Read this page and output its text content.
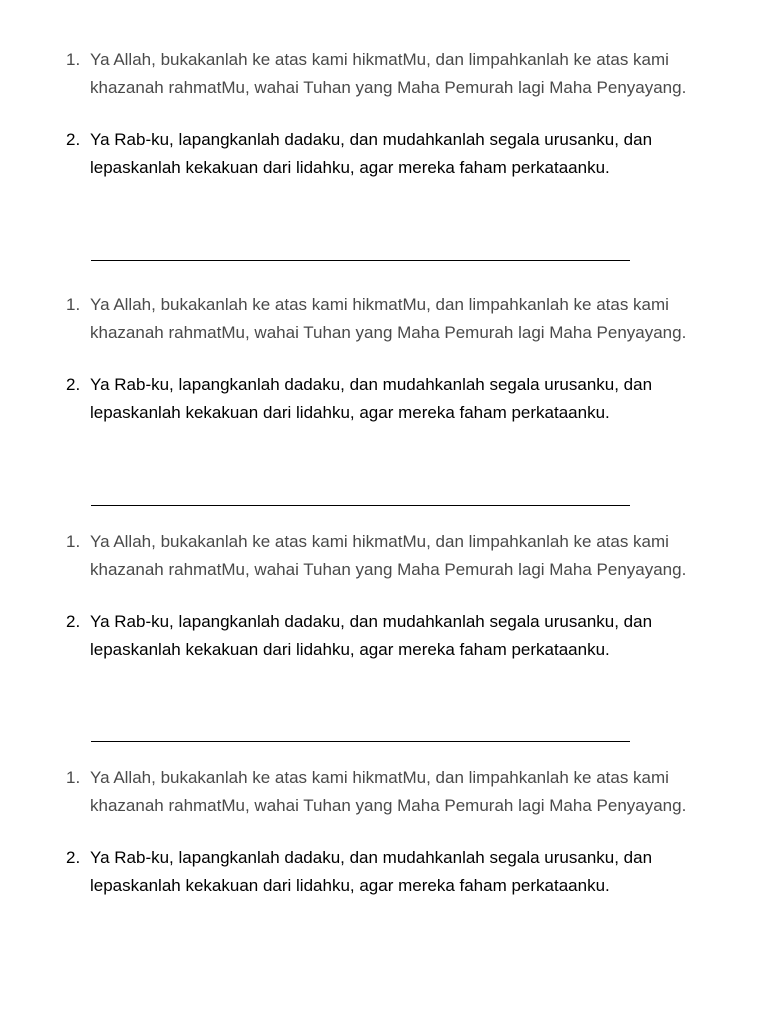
1. Ya Allah, bukakanlah ke atas kami hikmatMu, dan limpahkanlah ke atas kami khazanah rahmatMu, wahai Tuhan yang Maha Pemurah lagi Maha Penyayang.
2. Ya Rab-ku, lapangkanlah dadaku, dan mudahkanlah segala urusanku, dan lepaskanlah kekakuan dari lidahku, agar mereka faham perkataanku.
1. Ya Allah, bukakanlah ke atas kami hikmatMu, dan limpahkanlah ke atas kami khazanah rahmatMu, wahai Tuhan yang Maha Pemurah lagi Maha Penyayang.
2. Ya Rab-ku, lapangkanlah dadaku, dan mudahkanlah segala urusanku, dan lepaskanlah kekakuan dari lidahku, agar mereka faham perkataanku.
1. Ya Allah, bukakanlah ke atas kami hikmatMu, dan limpahkanlah ke atas kami khazanah rahmatMu, wahai Tuhan yang Maha Pemurah lagi Maha Penyayang.
2. Ya Rab-ku, lapangkanlah dadaku, dan mudahkanlah segala urusanku, dan lepaskanlah kekakuan dari lidahku, agar mereka faham perkataanku.
1. Ya Allah, bukakanlah ke atas kami hikmatMu, dan limpahkanlah ke atas kami khazanah rahmatMu, wahai Tuhan yang Maha Pemurah lagi Maha Penyayang.
2. Ya Rab-ku, lapangkanlah dadaku, dan mudahkanlah segala urusanku, dan lepaskanlah kekakuan dari lidahku, agar mereka faham perkataanku.
